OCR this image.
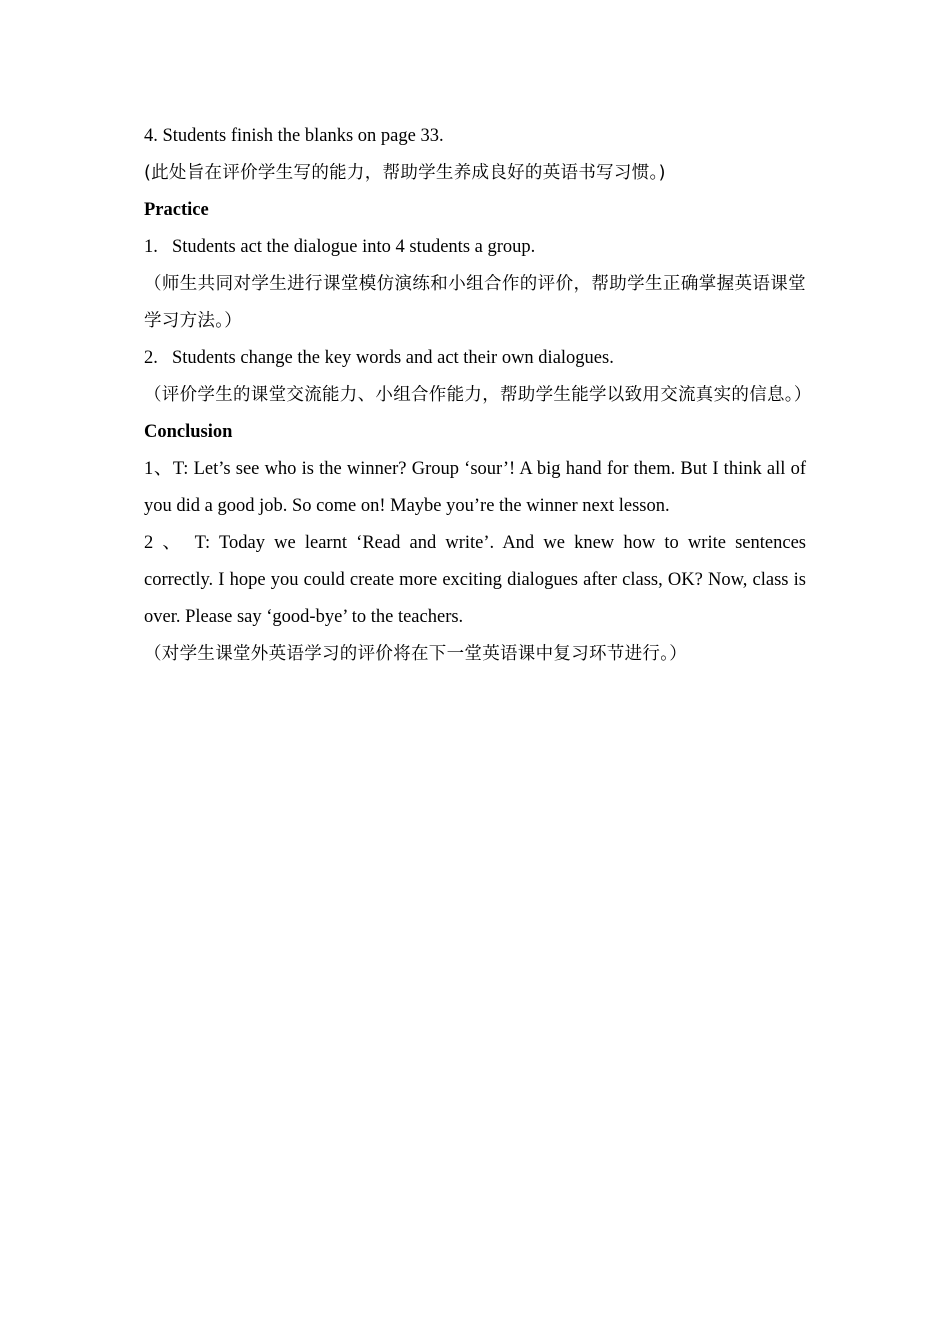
4. Students finish the blanks on page 33.

(此处旨在评价学生写的能力，帮助学生养成良好的英语书写习惯。)

Practice

1. Students act the dialogue into 4 students a group.

（师生共同对学生进行课堂模仿演练和小组合作的评价，帮助学生正确掌握英语课堂学习方法。）

2. Students change the key words and act their own dialogues.

（评价学生的课堂交流能力、小组合作能力，帮助学生能学以致用交流真实的信息。）

Conclusion

1、T: Let’s see who is the winner? Group ‘sour’! A big hand for them. But I think all of you did a good job. So come on! Maybe you’re the winner next lesson.

2 、 T: Today we learnt ‘Read and write’. And we knew how to write sentences correctly. I hope you could create more exciting dialogues after class, OK? Now, class is over. Please say ‘good-bye’ to the teachers.

（对学生课堂外英语学习的评价将在下一堂英语课中复习环节进行。）
